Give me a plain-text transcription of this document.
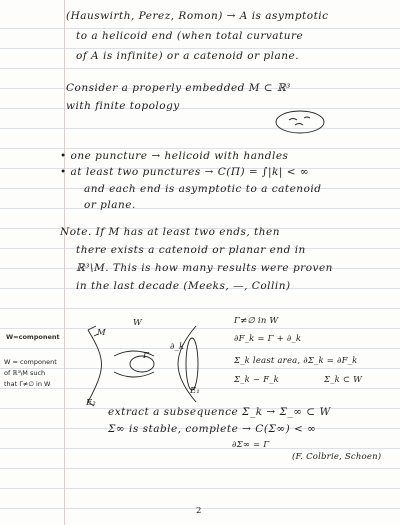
(Hauswirth, Perez, Romon) → A is asymptotic
to a helicoid end (when total curvature
of A is infinite) or a catenoid or plane.
Consider a properly embedded M ⊂ ℝ³
with finite topology
• one puncture → helicoid with handles
• at least two punctures → C(Π) = ∫|k| < ∞
and each end is asymptotic to a catenoid
or plane.
Note. If M has at least two ends, then
there exists a catenoid or planar end in
ℝ³\M. This is how many results were proven
in the last decade (Meeks, —, Collin)
W=component
W = component
of ℝ³\M such
that Γ≠∅ in W
M
W
Γ
∂_k
E₁
E₂
Γ≠∅ in W
∂F_k = Γ + ∂_k
Σ_k least area, ∂Σ_k = ∂F_k
Σ_k ~ F_k	Σ_k ⊂ W
extract a subsequence Σ_k → Σ_∞ ⊂ W
Σ∞ is stable, complete → C(Σ∞) < ∞
∂Σ∞ = Γ
(F. Colbrie, Schoen)
2
